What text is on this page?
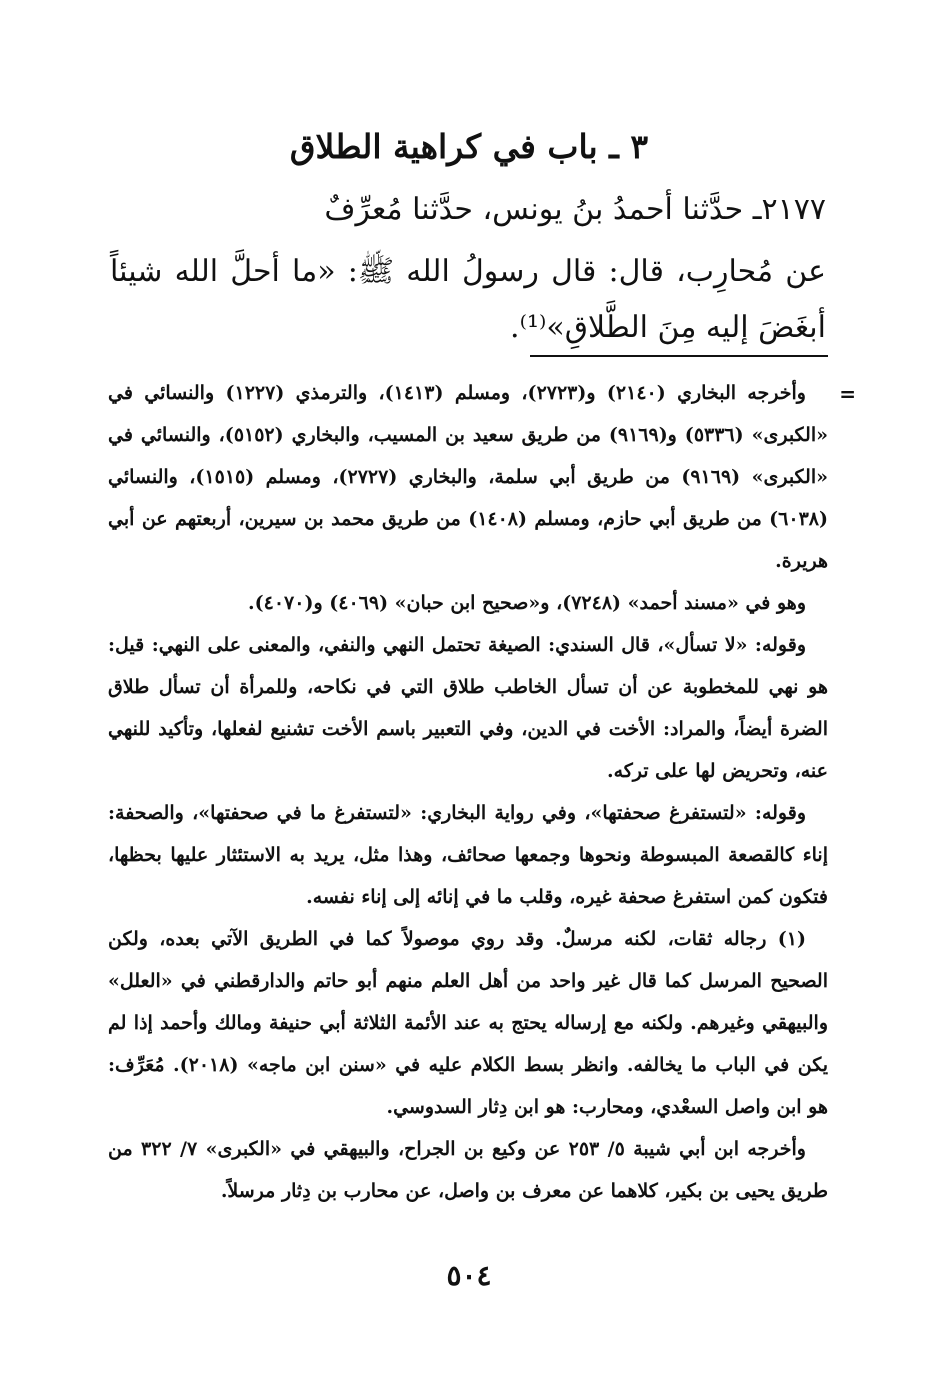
٣ ـ باب في كراهية الطلاق

٢١٧٧ـ حدَّثنا أحمدُ بنُ يونس، حدَّثنا مُعرِّفٌ

عن مُحارِب، قال: قال رسولُ الله ﷺ: «ما أحلَّ الله شيئاً أبغَضَ إليه مِنَ الطَّلاقِ»⁽¹⁾.

=

وأخرجه البخاري (٢١٤٠) و(٢٧٢٣)، ومسلم (١٤١٣)، والترمذي (١٢٢٧) والنسائي في «الكبرى» (٥٣٣٦) و(٩١٦٩) من طريق سعيد بن المسيب، والبخاري (٥١٥٢)، والنسائي في «الكبرى» (٩١٦٩) من طريق أبي سلمة، والبخاري (٢٧٢٧)، ومسلم (١٥١٥)، والنسائي (٦٠٣٨) من طريق أبي حازم، ومسلم (١٤٠٨) من طريق محمد بن سيرين، أربعتهم عن أبي هريرة.

وهو في «مسند أحمد» (٧٢٤٨)، و«صحيح ابن حبان» (٤٠٦٩) و(٤٠٧٠).

وقوله: «لا تسأل»، قال السندي: الصيغة تحتمل النهي والنفي، والمعنى على النهي: قيل: هو نهي للمخطوبة عن أن تسأل الخاطب طلاق التي في نكاحه، وللمرأة أن تسأل طلاق الضرة أيضاً، والمراد: الأخت في الدين، وفي التعبير باسم الأخت تشنيع لفعلها، وتأكيد للنهي عنه، وتحريض لها على تركه.

وقوله: «لتستفرغ صحفتها»، وفي رواية البخاري: «لتستفرغ ما في صحفتها»، والصحفة: إناء كالقصعة المبسوطة ونحوها وجمعها صحائف، وهذا مثل، يريد به الاستئثار عليها بحظها، فتكون كمن استفرغ صحفة غيره، وقلب ما في إنائه إلى إناء نفسه.

(١) رجاله ثقات، لكنه مرسلٌ. وقد روي موصولاً كما في الطريق الآتي بعده، ولكن الصحيح المرسل كما قال غير واحد من أهل العلم منهم أبو حاتم والدارقطني في «العلل» والبيهقي وغيرهم. ولكنه مع إرساله يحتج به عند الأئمة الثلاثة أبي حنيفة ومالك وأحمد إذا لم يكن في الباب ما يخالفه. وانظر بسط الكلام عليه في «سنن ابن ماجه» (٢٠١٨). مُعَرِّف: هو ابن واصل السعْدي، ومحارب: هو ابن دِثار السدوسي.

وأخرجه ابن أبي شيبة ٥/ ٢٥٣ عن وكيع بن الجراح، والبيهقي في «الكبرى» ٧/ ٣٢٢ من طريق يحيى بن بكير، كلاهما عن معرف بن واصل، عن محارب بن دِثار مرسلاً.

٥٠٤
